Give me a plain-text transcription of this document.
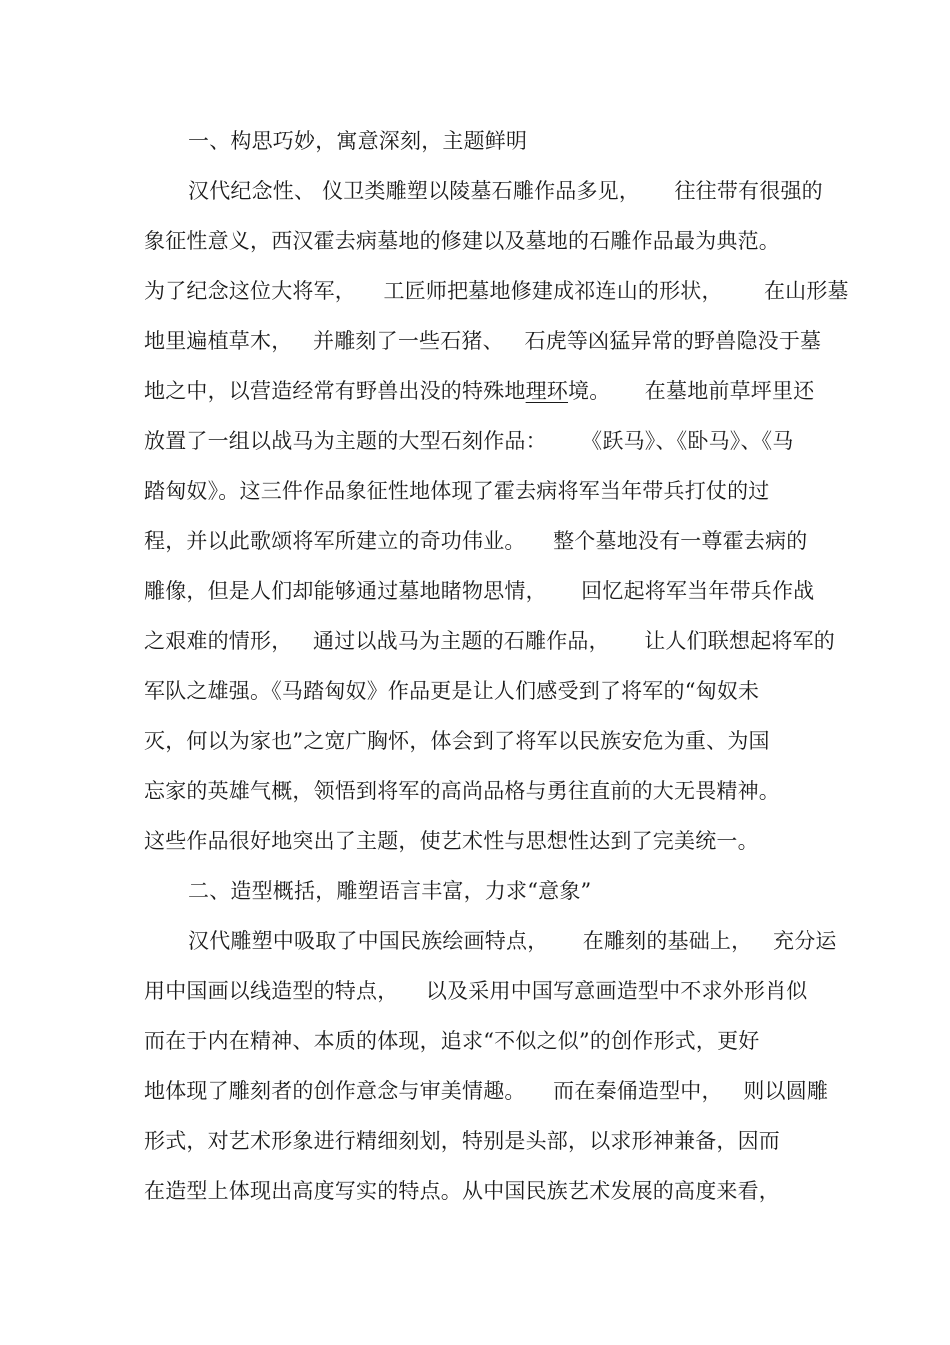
一、构思巧妙，寓意深刻，主题鲜明
汉代纪念性、 仪卫类雕塑以陵墓石雕作品多见，     往往带有很强的
象征性意义，西汉霍去病墓地的修建以及墓地的石雕作品最为典范。
为了纪念这位大将军，    工匠师把墓地修建成祁连山的形状，      在山形墓
地里遍植草木，   并雕刻了一些石猪、   石虎等凶猛异常的野兽隐没于墓
地之中，以营造经常有野兽出没的特殊地理环境。     在墓地前草坪里还
放置了一组以战马为主题的大型石刻作品：     《跃马》、《卧马》、《马
踏匈奴》。这三件作品象征性地体现了霍去病将军当年带兵打仗的过
程，并以此歌颂将军所建立的奇功伟业。    整个墓地没有一尊霍去病的
雕像，但是人们却能够通过墓地睹物思情，     回忆起将军当年带兵作战
之艰难的情形，   通过以战马为主题的石雕作品，     让人们联想起将军的
军队之雄强。《马踏匈奴》作品更是让人们感受到了将军的“匈奴未
灭，何以为家也”之宽广胸怀，体会到了将军以民族安危为重、为国
忘家的英雄气概，领悟到将军的高尚品格与勇往直前的大无畏精神。
这些作品很好地突出了主题，使艺术性与思想性达到了完美统一。
二、造型概括，雕塑语言丰富，力求“意象”
汉代雕塑中吸取了中国民族绘画特点，     在雕刻的基础上，   充分运
用中国画以线造型的特点，    以及采用中国写意画造型中不求外形肖似
而在于内在精神、本质的体现，追求“不似之似”的创作形式，更好
地体现了雕刻者的创作意念与审美情趣。    而在秦俑造型中，   则以圆雕
形式，对艺术形象进行精细刻划，特别是头部，以求形神兼备，因而
在造型上体现出高度写实的特点。从中国民族艺术发展的高度来看，
